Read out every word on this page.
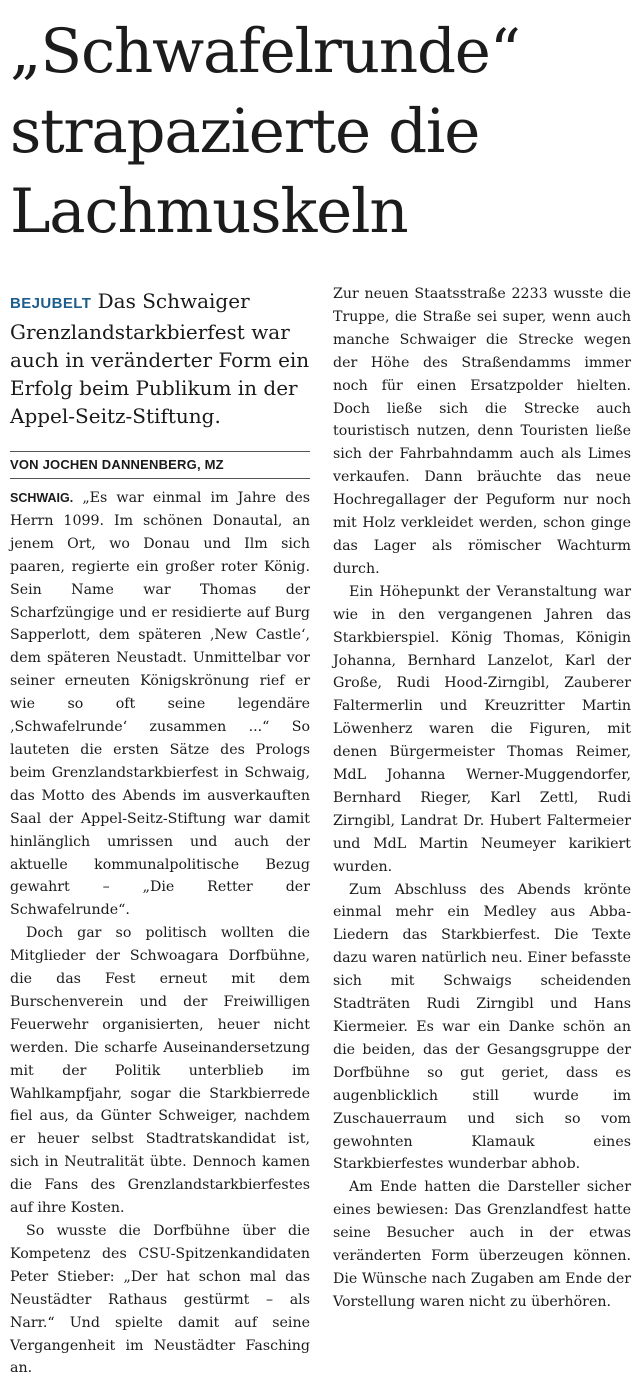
„Schwafelrunde“
strapazierte die
Lachmuskeln
BEJUBELT Das Schwaiger Grenzlandstarkbierfest war auch in veränderter Form ein Erfolg beim Publikum in der Appel-Seitz-Stiftung.
VON JOCHEN DANNENBERG, MZ

SCHWAIG. „Es war einmal im Jahre des Herrn 1099. Im schönen Donautal, an jenem Ort, wo Donau und Ilm sich paaren, regierte ein großer roter König. Sein Name war Thomas der Scharfzüngige und er residierte auf Burg Sapperlott, dem späteren ‚New Castle‘, dem späteren Neustadt. Unmittelbar vor seiner erneuten Königskrönung rief er wie so oft seine legendäre ‚Schwafelrunde‘ zusammen ...“ So lauteten die ersten Sätze des Prologs beim Grenzlandstarkbierfest in Schwaig, das Motto des Abends im ausverkauften Saal der Appel-Seitz-Stiftung war damit hinlänglich umrissen und auch der aktuelle kommunalpolitische Bezug gewahrt – „Die Retter der Schwafelrunde“.

Doch gar so politisch wollten die Mitglieder der Schwoagara Dorfbühne, die das Fest erneut mit dem Burschenverein und der Freiwilligen Feuerwehr organisierten, heuer nicht werden. Die scharfe Auseinandersetzung mit der Politik unterblieb im Wahlkampfjahr, sogar die Starkbierrede fiel aus, da Günter Schweiger, nachdem er heuer selbst Stadtratskandidat ist, sich in Neutralität übte. Dennoch kamen die Fans des Grenzlandstarkbierfestes auf ihre Kosten.

So wusste die Dorfbühne über die Kompetenz des CSU-Spitzenkandidaten Peter Stieber: „Der hat schon mal das Neustädter Rathaus gestürmt – als Narr.“ Und spielte damit auf seine Vergangenheit im Neustädter Fasching an.

Zur neuen Staatsstraße 2233 wusste die Truppe, die Straße sei super, wenn auch manche Schwaiger die Strecke wegen der Höhe des Straßendamms immer noch für einen Ersatzpolder hielten. Doch ließe sich die Strecke auch touristisch nutzen, denn Touristen ließe sich der Fahrbahndamm auch als Limes verkaufen. Dann bräuchte das neue Hochregallager der Peguform nur noch mit Holz verkleidet werden, schon ginge das Lager als römischer Wachturm durch.

Ein Höhepunkt der Veranstaltung war wie in den vergangenen Jahren das Starkbierspiel. König Thomas, Königin Johanna, Bernhard Lanzelot, Karl der Große, Rudi Hood-Zirngibl, Zauberer Faltermerlin und Kreuzritter Martin Löwenherz waren die Figuren, mit denen Bürgermeister Thomas Reimer, MdL Johanna Werner-Muggendorfer, Bernhard Rieger, Karl Zettl, Rudi Zirngibl, Landrat Dr. Hubert Faltermeier und MdL Martin Neumeyer karikiert wurden.

Zum Abschluss des Abends krönte einmal mehr ein Medley aus Abba-Liedern das Starkbierfest. Die Texte dazu waren natürlich neu. Einer befasste sich mit Schwaigs scheidenden Stadträten Rudi Zirngibl und Hans Kiermeier. Es war ein Danke schön an die beiden, das der Gesangsgruppe der Dorfbühne so gut geriet, dass es augenblicklich still wurde im Zuschauerraum und sich so vom gewohnten Klamauk eines Starkbierfestes wunderbar abhob.

Am Ende hatten die Darsteller sicher eines bewiesen: Das Grenzlandfest hatte seine Besucher auch in der etwas veränderten Form überzeugen können. Die Wünsche nach Zugaben am Ende der Vorstellung waren nicht zu überhören.
